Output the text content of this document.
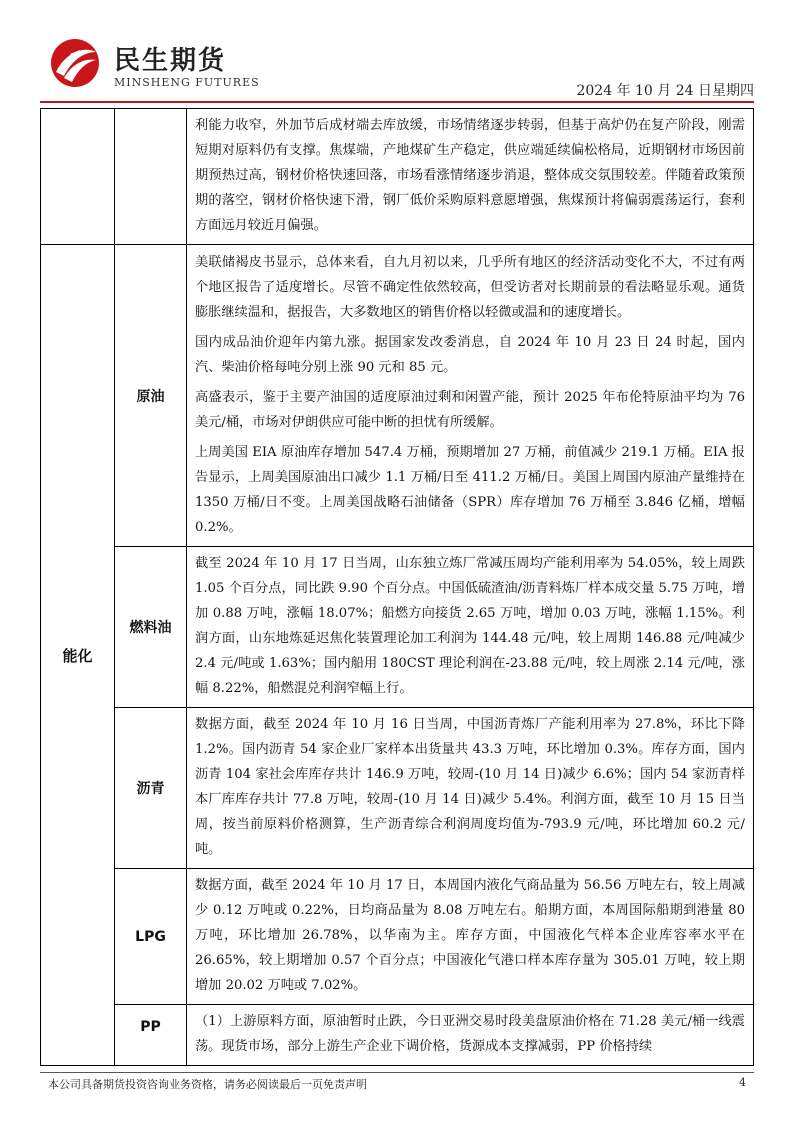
民生期货
MINSHENG FUTURES
2024 年 10 月 24 日星期四

		利能力收窄，外加节后成材端去库放缓，市场情绪逐步转弱，但基于高炉仍在复产阶段，刚需短期对原料仍有支撑。焦煤端，产地煤矿生产稳定，供应端延续偏松格局，近期钢材市场因前期预热过高，钢材价格快速回落，市场看涨情绪逐步消退，整体成交氛围较差。伴随着政策预期的落空，钢材价格快速下滑，钢厂低价采购原料意愿增强，焦煤预计将偏弱震荡运行，套利方面远月较近月偏强。

能化	原油	美联储褐皮书显示，总体来看，自九月初以来，几乎所有地区的经济活动变化不大，不过有两个地区报告了适度增长。尽管不确定性依然较高，但受访者对长期前景的看法略显乐观。通货膨胀继续温和，据报告，大多数地区的销售价格以轻微或温和的速度增长。

国内成品油价迎年内第九涨。据国家发改委消息，自 2024 年 10 月 23 日 24 时起，国内汽、柴油价格每吨分别上涨 90 元和 85 元。

高盛表示，鉴于主要产油国的适度原油过剩和闲置产能，预计 2025 年布伦特原油平均为 76 美元/桶，市场对伊朗供应可能中断的担忧有所缓解。

上周美国 EIA 原油库存增加 547.4 万桶，预期增加 27 万桶，前值减少 219.1 万桶。EIA 报告显示，上周美国原油出口减少 1.1 万桶/日至 411.2 万桶/日。美国上周国内原油产量维持在 1350 万桶/日不变。上周美国战略石油储备（SPR）库存增加 76 万桶至 3.846 亿桶，增幅 0.2%。

	燃料油	截至 2024 年 10 月 17 日当周，山东独立炼厂常减压周均产能利用率为 54.05%，较上周跌 1.05 个百分点，同比跌 9.90 个百分点。中国低硫渣油/沥青料炼厂样本成交量 5.75 万吨，增加 0.88 万吨，涨幅 18.07%；船燃方向接货 2.65 万吨，增加 0.03 万吨，涨幅 1.15%。利润方面，山东地炼延迟焦化装置理论加工利润为 144.48 元/吨，较上周期 146.88 元/吨减少 2.4 元/吨或 1.63%；国内船用 180CST 理论利润在-23.88 元/吨，较上周涨 2.14 元/吨，涨幅 8.22%，船燃混兑利润窄幅上行。

	沥青	数据方面，截至 2024 年 10 月 16 日当周，中国沥青炼厂产能利用率为 27.8%，环比下降 1.2%。国内沥青 54 家企业厂家样本出货量共 43.3 万吨，环比增加 0.3%。库存方面，国内沥青 104 家社会库库存共计 146.9 万吨，较周-(10 月 14 日)减少 6.6%；国内 54 家沥青样本厂库库存共计 77.8 万吨，较周-(10 月 14 日)减少 5.4%。利润方面，截至 10 月 15 日当周，按当前原料价格测算，生产沥青综合利润周度均值为-793.9 元/吨，环比增加 60.2 元/吨。

	LPG	数据方面，截至 2024 年 10 月 17 日，本周国内液化气商品量为 56.56 万吨左右，较上周减少 0.12 万吨或 0.22%，日均商品量为 8.08 万吨左右。船期方面，本周国际船期到港量 80 万吨，环比增加 26.78%，以华南为主。库存方面，中国液化气样本企业库容率水平在 26.65%，较上期增加 0.57 个百分点；中国液化气港口样本库存量为 305.01 万吨，较上期增加 20.02 万吨或 7.02%。

	PP	（1）上游原料方面，原油暂时止跌，今日亚洲交易时段美盘原油价格在 71.28 美元/桶一线震荡。现货市场，部分上游生产企业下调价格，货源成本支撑减弱，PP 价格持续

本公司具备期货投资咨询业务资格，请务必阅读最后一页免责声明	4
